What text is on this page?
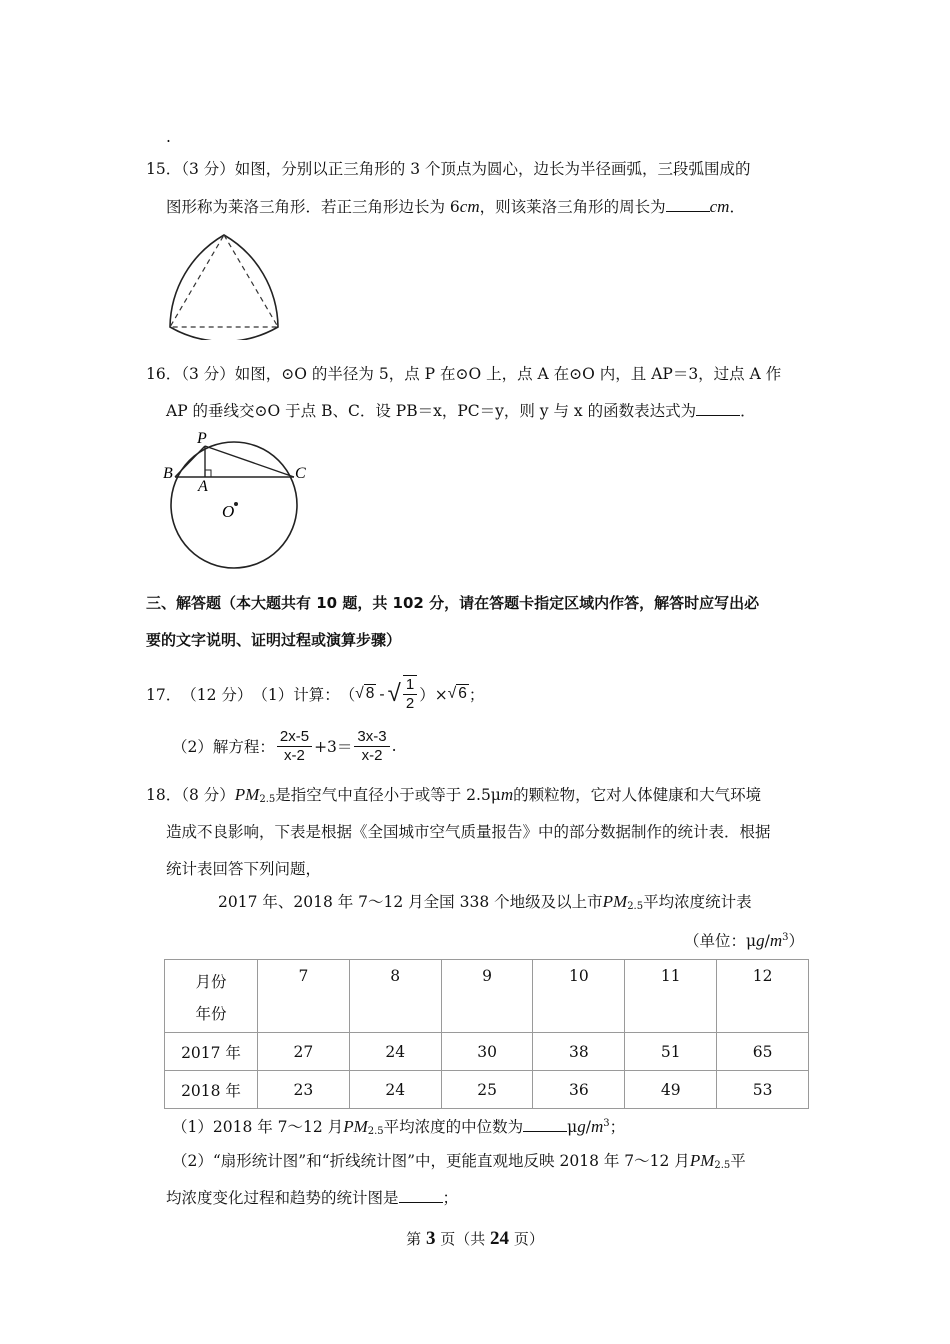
.
15．（3 分）如图，分别以正三角形的 3 个顶点为圆心，边长为半径画弧，三段弧围成的
图形称为莱洛三角形．若正三角形边长为 6cm，则该莱洛三角形的周长为	cm．
16．（3 分）如图，⊙O 的半径为 5，点 P 在⊙O 上，点 A 在⊙O 内，且 AP＝3，过点 A 作
AP 的垂线交⊙O 于点 B、C．设 PB＝x，PC＝y，则 y 与 x 的函数表达式为	．
P
B
A
C
O
三、解答题（本大题共有 10 题，共 102 分，请在答题卡指定区域内作答，解答时应写出必
要的文字说明、证明过程或演算步骤）
17． （12 分） （1）计算： （ √ 8 - √ $\frac{1}{2}$ ）× √ 6 ；
（2）解方程： $\frac{2x-5}{x-2} +3= \frac{3x-3}{x-2}$ .
18．（8 分）$PM_{2.5}$是指空气中直径小于或等于 2.5μm的颗粒物，它对人体健康和大气环境
造成不良影响，下表是根据《全国城市空气质量报告》中的部分数据制作的统计表．根据
统计表回答下列问题，
2017 年、2018 年 7～12 月全国 338 个地级及以上市$PM_{2.5}$平均浓度统计表
（单位：$\mu g/m^3$）
月份
年份	7	8	9	10	11	12
2017 年	27	24	30	38	51	65
2018 年	23	24	25	36	49	53
（1）2018 年 7～12 月$PM_{2.5}$平均浓度的中位数为	$\mu g/m^3$；
（2）“扇形统计图”和“折线统计图”中，更能直观地反映 2018 年 7～12 月$PM_{2.5}$平
均浓度变化过程和趋势的统计图是	；
第 3 页（共 24 页）
